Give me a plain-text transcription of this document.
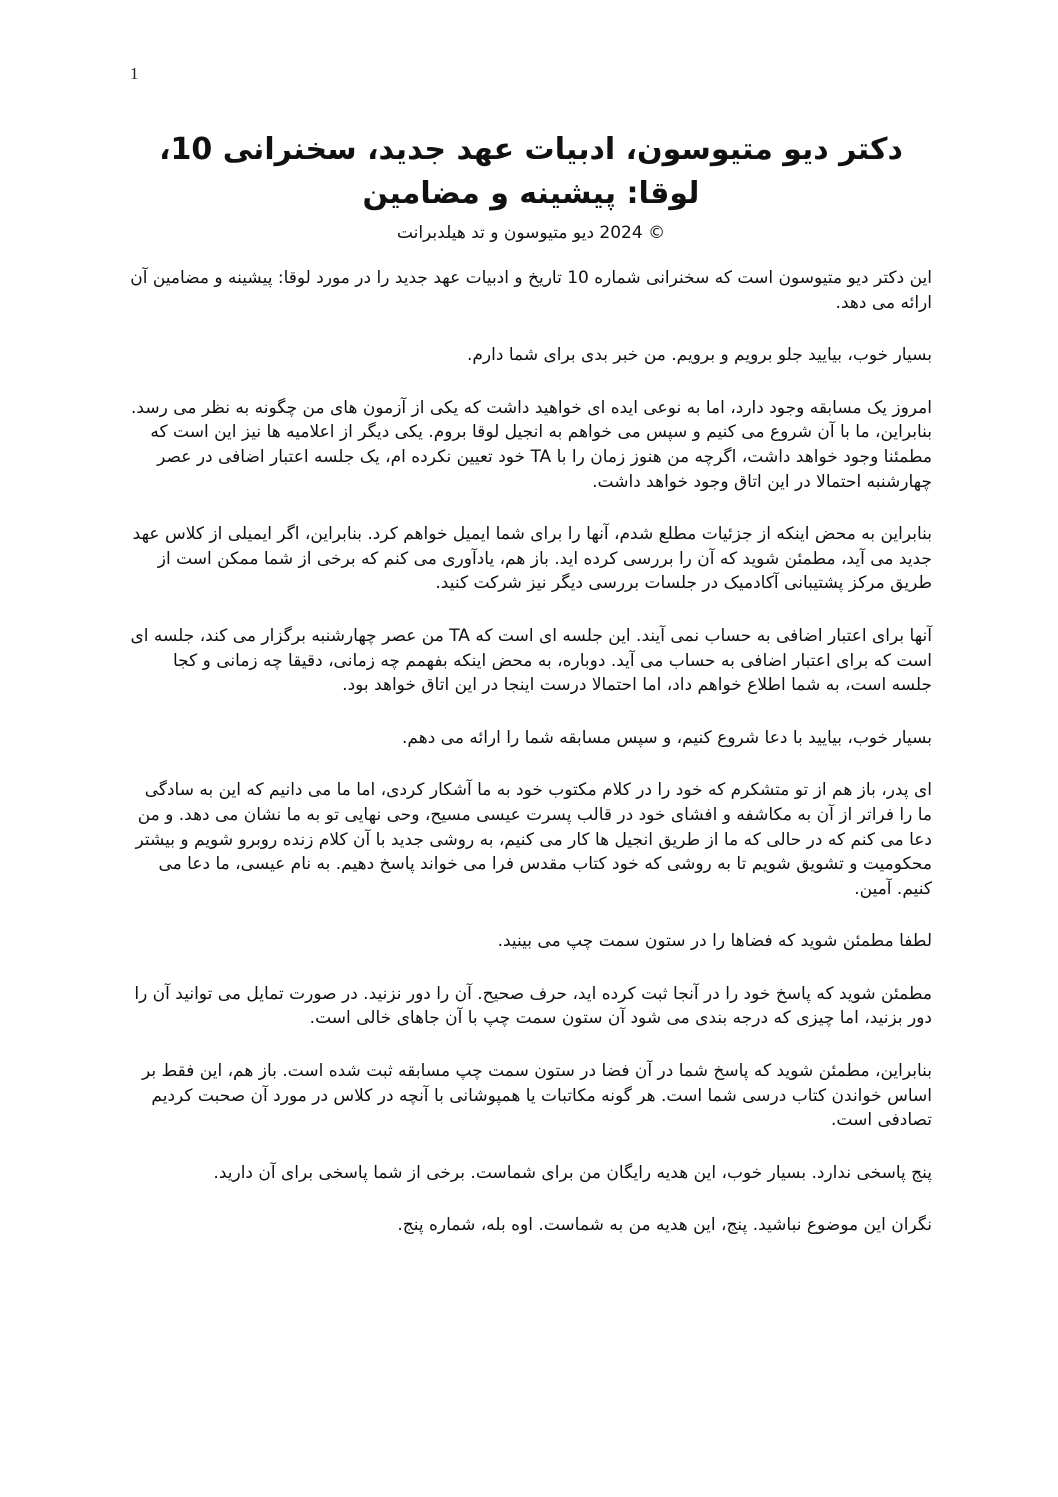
1
دکتر دیو متیوسون، ادبیات عهد جدید، سخنرانی 10، لوقا: پیشینه و مضامین

© 2024 دیو متیوسون و تد هیلدبرانت

این دکتر دیو متیوسون است که سخنرانی شماره 10 تاریخ و ادبیات عهد جدید را در مورد لوقا: پیشینه و مضامین آن ارائه می دهد.

بسیار خوب، بیایید جلو برویم و برویم. من خبر بدی برای شما دارم.

امروز یک مسابقه وجود دارد، اما به نوعی ایده ای خواهید داشت که یکی از آزمون های من چگونه به نظر می رسد. بنابراین، ما با آن شروع می کنیم و سپس می خواهم به انجیل لوقا بروم. یکی دیگر از اعلامیه ها نیز این است که مطمئنا وجود خواهد داشت، اگرچه من هنوز زمان را با TA خود تعیین نکرده ام، یک جلسه اعتبار اضافی در عصر چهارشنبه احتمالا در این اتاق وجود خواهد داشت.

بنابراین به محض اینکه از جزئیات مطلع شدم، آنها را برای شما ایمیل خواهم کرد. بنابراین، اگر ایمیلی از کلاس عهد جدید می آید، مطمئن شوید که آن را بررسی کرده اید. باز هم، یادآوری می کنم که برخی از شما ممکن است از طریق مرکز پشتیبانی آکادمیک در جلسات بررسی دیگر نیز شرکت کنید.

آنها برای اعتبار اضافی به حساب نمی آیند. این جلسه ای است که TA من عصر چهارشنبه برگزار می کند، جلسه ای است که برای اعتبار اضافی به حساب می آید. دوباره، به محض اینکه بفهمم چه زمانی، دقیقا چه زمانی و کجا جلسه است، به شما اطلاع خواهم داد، اما احتمالا درست اینجا در این اتاق خواهد بود.

بسیار خوب، بیایید با دعا شروع کنیم، و سپس مسابقه شما را ارائه می دهم.

ای پدر، باز هم از تو متشکرم که خود را در کلام مکتوب خود به ما آشکار کردی، اما ما می دانیم که این به سادگی ما را فراتر از آن به مکاشفه و افشای خود در قالب پسرت عیسی مسیح، وحی نهایی تو به ما نشان می دهد. و من دعا می کنم که در حالی که ما از طریق انجیل ها کار می کنیم، به روشی جدید با آن کلام زنده روبرو شویم و بیشتر محکومیت و تشویق شویم تا به روشی که خود کتاب مقدس فرا می خواند پاسخ دهیم. به نام عیسی، ما دعا می کنیم. آمین.

لطفا مطمئن شوید که فضاها را در ستون سمت چپ می بینید.

مطمئن شوید که پاسخ خود را در آنجا ثبت کرده اید، حرف صحیح. آن را دور نزنید. در صورت تمایل می توانید آن را دور بزنید، اما چیزی که درجه بندی می شود آن ستون سمت چپ با آن جاهای خالی است.

بنابراین، مطمئن شوید که پاسخ شما در آن فضا در ستون سمت چپ مسابقه ثبت شده است. باز هم، این فقط بر اساس خواندن کتاب درسی شما است. هر گونه مکاتبات یا همپوشانی با آنچه در کلاس در مورد آن صحبت کردیم تصادفی است.

پنج پاسخی ندارد. بسیار خوب، این هدیه رایگان من برای شماست. برخی از شما پاسخی برای آن دارید.

نگران این موضوع نباشید. پنج، این هدیه من به شماست. اوه بله، شماره پنج.
